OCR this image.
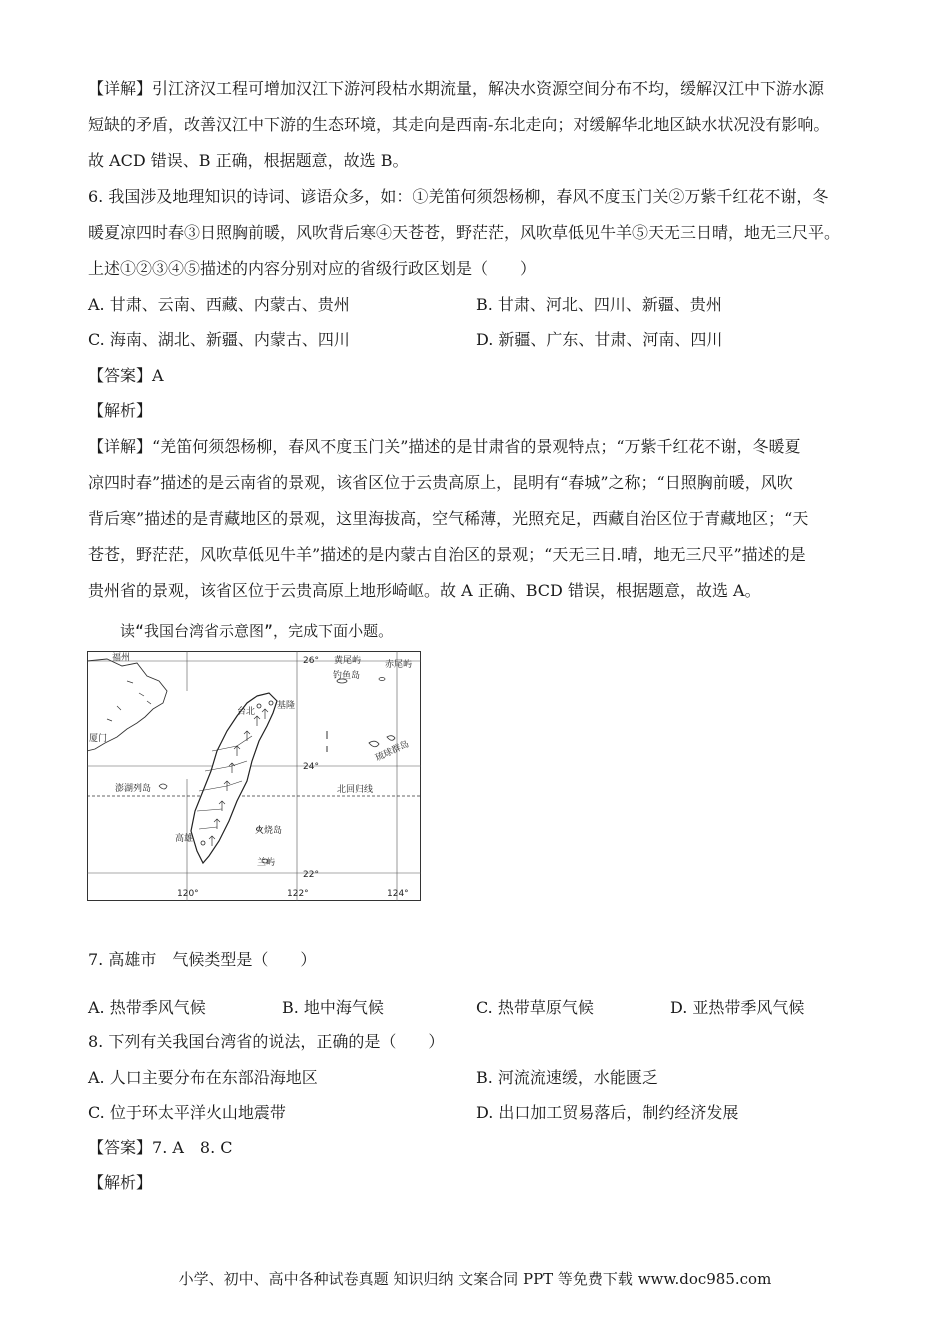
【详解】引江济汉工程可增加汉江下游河段枯水期流量，解决水资源空间分布不均，缓解汉江中下游水源
短缺的矛盾，改善汉江中下游的生态环境，其走向是西南-东北走向；对缓解华北地区缺水状况没有影响。
故 ACD 错误、B 正确，根据题意，故选 B。
6. 我国涉及地理知识的诗词、谚语众多，如：①羌笛何须怨杨柳，春风不度玉门关②万紫千红花不谢，冬
暖夏凉四时春③日照胸前暖，风吹背后寒④天苍苍，野茫茫，风吹草低见牛羊⑤天无三日晴，地无三尺平。
上述①②③④⑤描述的内容分别对应的省级行政区划是（　　）
A. 甘肃、云南、西藏、内蒙古、贵州	B. 甘肃、河北、四川、新疆、贵州
C. 海南、湖北、新疆、内蒙古、四川	D. 新疆、广东、甘肃、河南、四川
【答案】A
【解析】
【详解】“羌笛何须怨杨柳，春风不度玉门关”描述的是甘肃省的景观特点；“万紫千红花不谢，冬暖夏
凉四时春”描述的是云南省的景观，该省区位于云贵高原上，昆明有“春城”之称；“日照胸前暖，风吹
背后寒”描述的是青藏地区的景观，这里海拔高，空气稀薄，光照充足，西藏自治区位于青藏地区；“天
苍苍，野茫茫，风吹草低见牛羊”描述的是内蒙古自治区的景观；“天无三日.晴，地无三尺平”描述的是
贵州省的景观，该省区位于云贵高原上地形崎岖。故 A 正确、BCD 错误，根据题意，故选 A。
读“我国台湾省示意图”，完成下面小题。
福州
厦门
台北
基隆
黄尾屿
钓鱼岛
赤尾屿
琉球群岛
澎湖列岛
高雄
火烧岛
兰屿
北回归线
26°
24°
22°
120°	122°	124°
7. 高雄市　气候类型是（　　）
A. 热带季风气候	B. 地中海气候	C. 热带草原气候	D. 亚热带季风气候
8. 下列有关我国台湾省的说法，正确的是（　　）
A. 人口主要分布在东部沿海地区	B. 河流流速缓，水能匮乏
C. 位于环太平洋火山地震带	D. 出口加工贸易落后，制约经济发展
【答案】7. A　8. C
【解析】
小学、初中、高中各种试卷真题 知识归纳 文案合同 PPT 等免费下载 www.doc985.com
